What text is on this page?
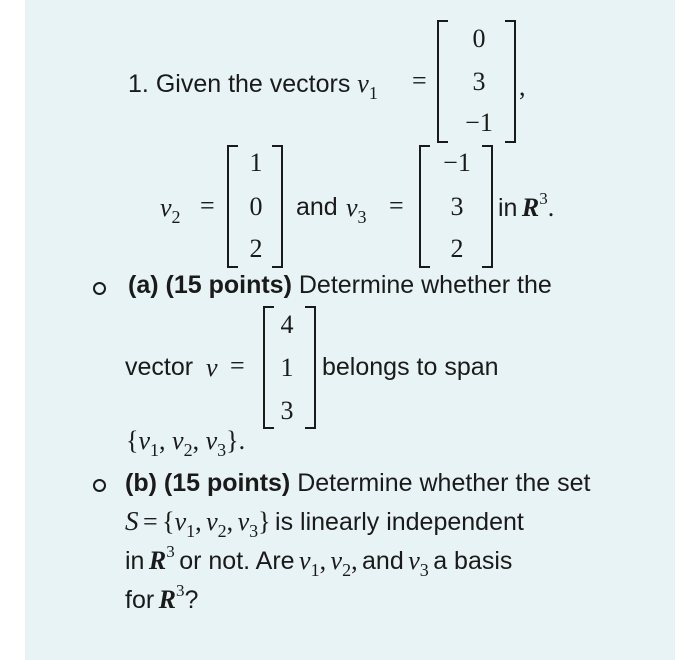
1. Given the vectors $v_1$ =
0
3
−1
,
$v_2$ =
1
0
2
and $v_3$ =
−1
3
2
in R3.
(a) (15 points) Determine whether the
vector v =
4
1
3
belongs to span
{$v_1$, $v_2$, $v_3$}.
(b) (15 points) Determine whether the set
S = {v1, v2, v3} is linearly independent
in R3 or not. Are v1, v2, and v3 a basis
for R3?
